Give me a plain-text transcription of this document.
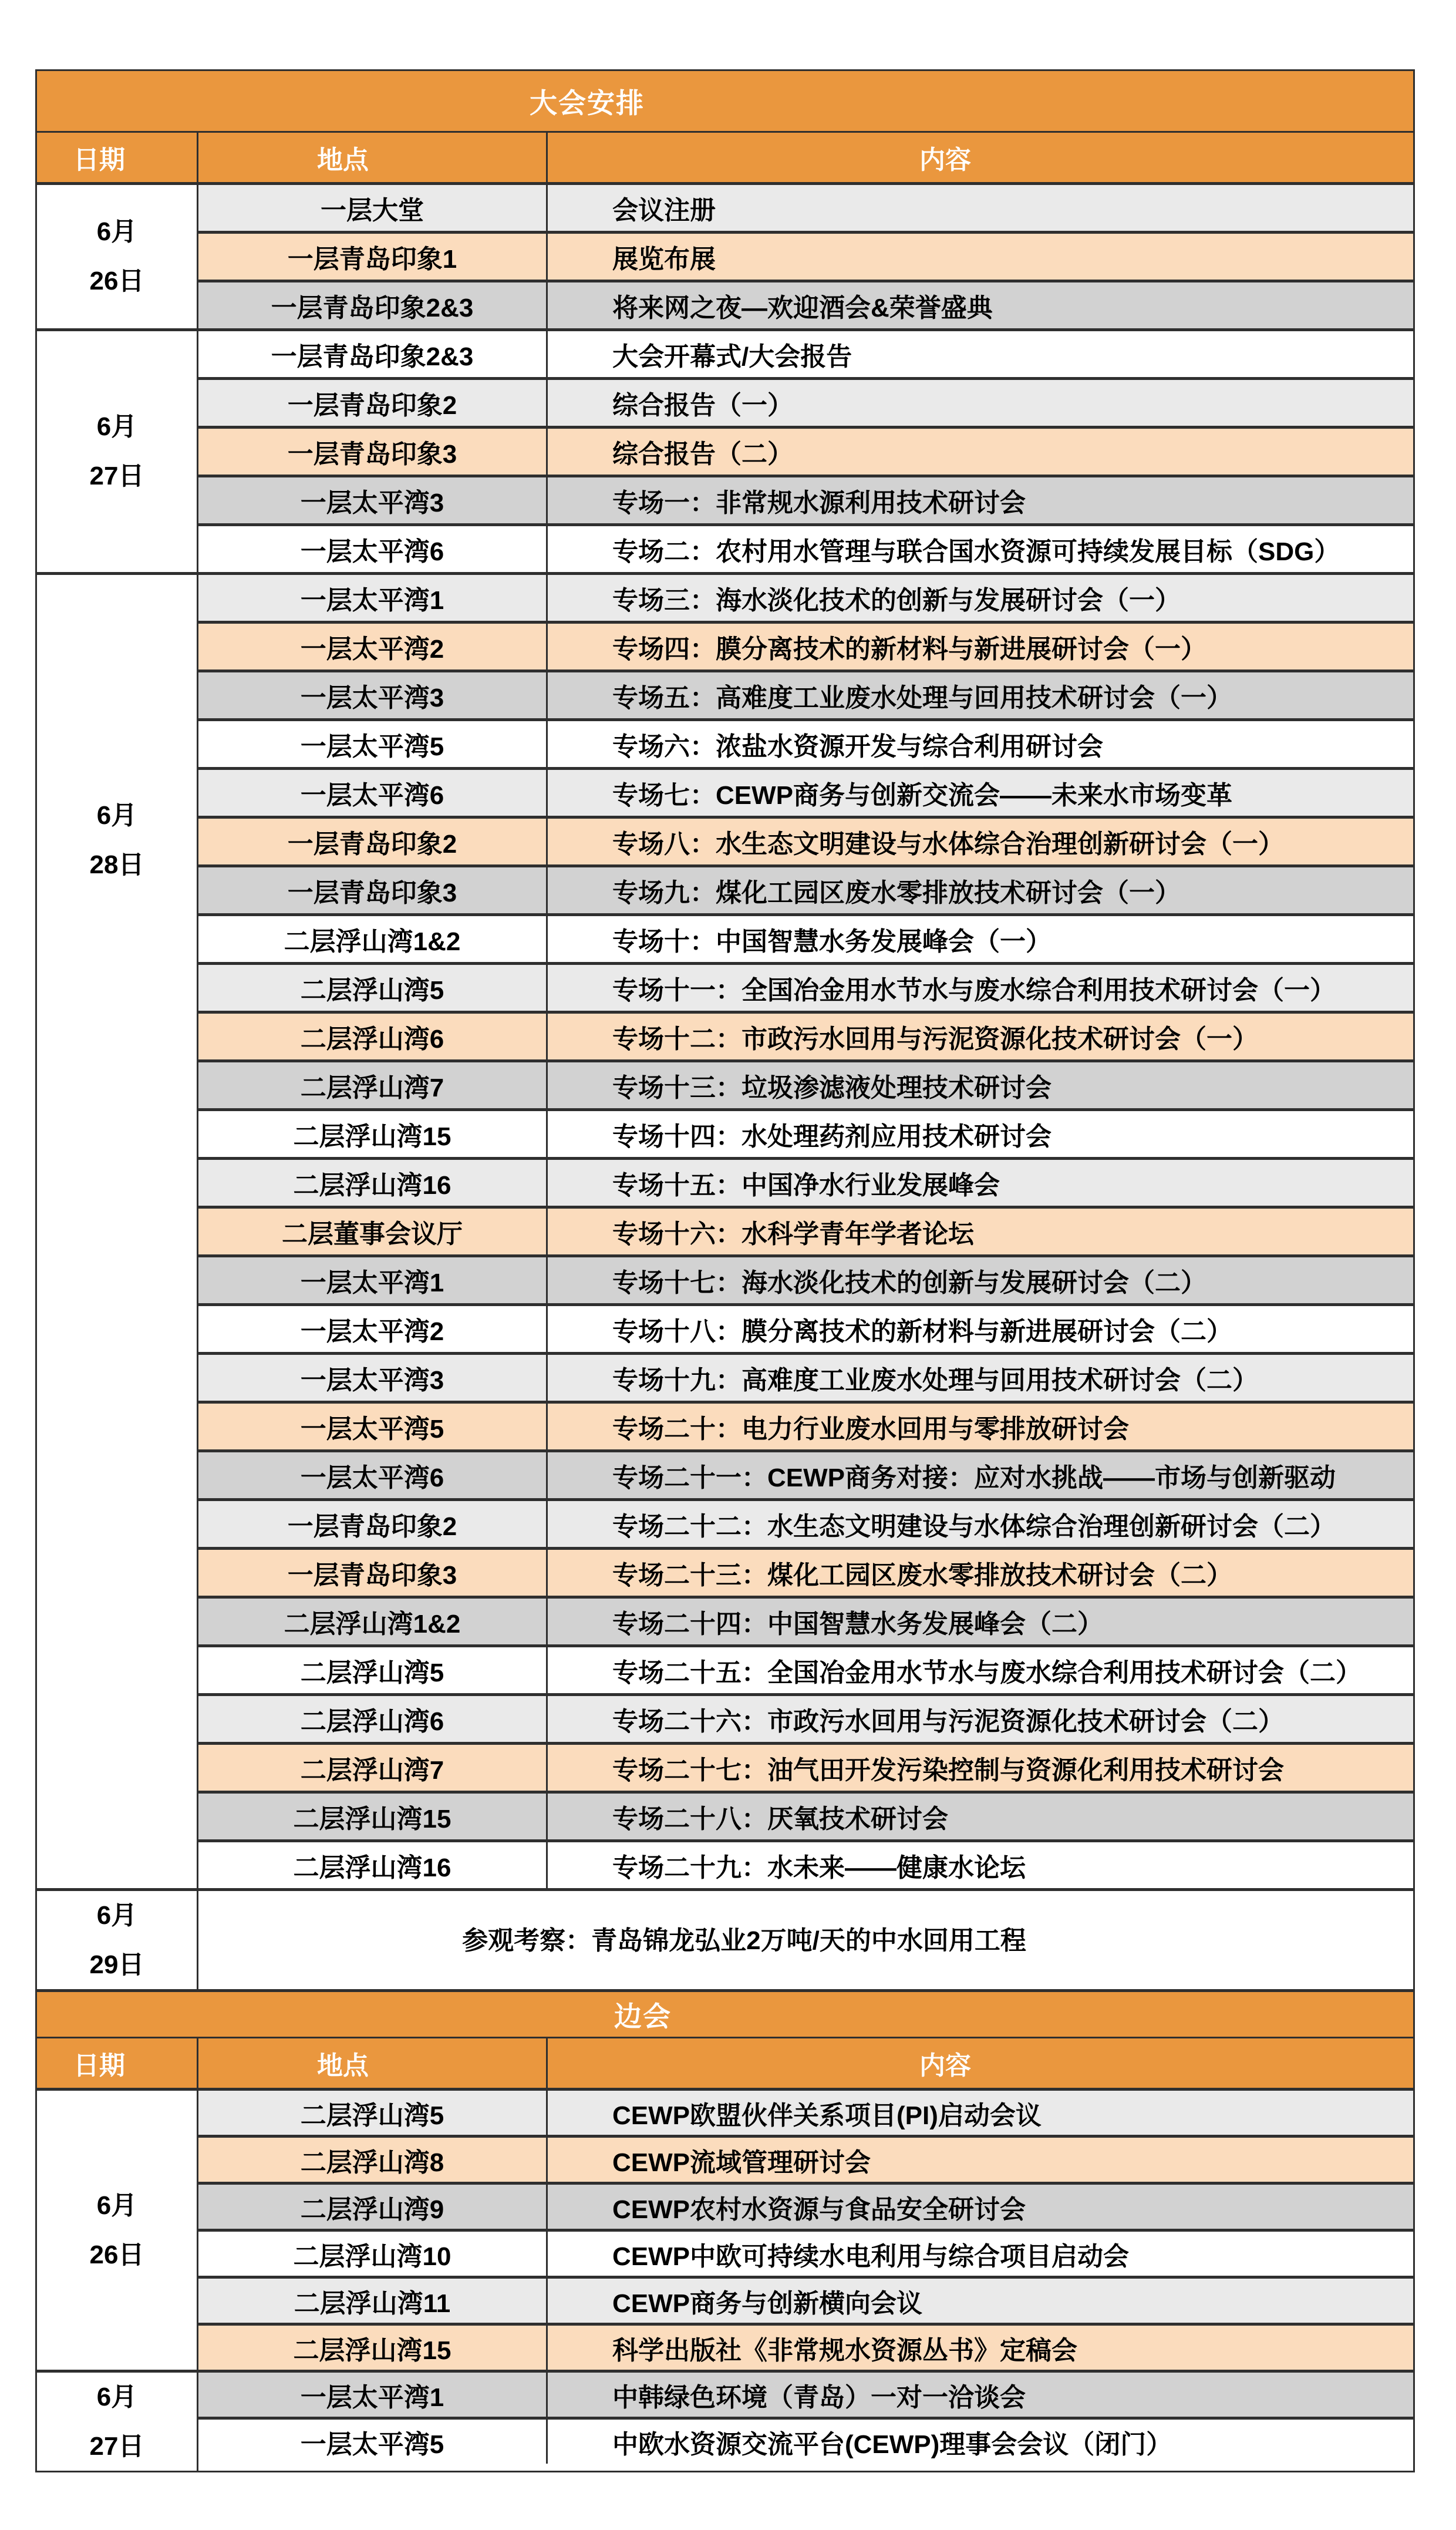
大会安排
日期	地点	内容
6月
26日
一层大堂	会议注册
一层青岛印象1	展览布展
一层青岛印象2&3	将来网之夜—欢迎酒会&荣誉盛典
6月
27日
一层青岛印象2&3	大会开幕式/大会报告
一层青岛印象2	综合报告（一）
一层青岛印象3	综合报告（二）
一层太平湾3	专场一：非常规水源利用技术研讨会
一层太平湾6	专场二：农村用水管理与联合国水资源可持续发展目标（SDG）
6月
28日
一层太平湾1	专场三：海水淡化技术的创新与发展研讨会（一）
一层太平湾2	专场四：膜分离技术的新材料与新进展研讨会（一）
一层太平湾3	专场五：高难度工业废水处理与回用技术研讨会（一）
一层太平湾5	专场六：浓盐水资源开发与综合利用研讨会
一层太平湾6	专场七：CEWP商务与创新交流会——未来水市场变革
一层青岛印象2	专场八：水生态文明建设与水体综合治理创新研讨会（一）
一层青岛印象3	专场九：煤化工园区废水零排放技术研讨会（一）
二层浮山湾1&2	专场十：中国智慧水务发展峰会（一）
二层浮山湾5	专场十一：全国冶金用水节水与废水综合利用技术研讨会（一）
二层浮山湾6	专场十二：市政污水回用与污泥资源化技术研讨会（一）
二层浮山湾7	专场十三：垃圾渗滤液处理技术研讨会
二层浮山湾15	专场十四：水处理药剂应用技术研讨会
二层浮山湾16	专场十五：中国净水行业发展峰会
二层董事会议厅	专场十六：水科学青年学者论坛
一层太平湾1	专场十七：海水淡化技术的创新与发展研讨会（二）
一层太平湾2	专场十八：膜分离技术的新材料与新进展研讨会（二）
一层太平湾3	专场十九：高难度工业废水处理与回用技术研讨会（二）
一层太平湾5	专场二十：电力行业废水回用与零排放研讨会
一层太平湾6	专场二十一：CEWP商务对接：应对水挑战——市场与创新驱动
一层青岛印象2	专场二十二：水生态文明建设与水体综合治理创新研讨会（二）
一层青岛印象3	专场二十三：煤化工园区废水零排放技术研讨会（二）
二层浮山湾1&2	专场二十四：中国智慧水务发展峰会（二）
二层浮山湾5	专场二十五：全国冶金用水节水与废水综合利用技术研讨会（二）
二层浮山湾6	专场二十六：市政污水回用与污泥资源化技术研讨会（二）
二层浮山湾7	专场二十七：油气田开发污染控制与资源化利用技术研讨会
二层浮山湾15	专场二十八：厌氧技术研讨会
二层浮山湾16	专场二十九：水未来——健康水论坛
6月
29日
参观考察：青岛锦龙弘业2万吨/天的中水回用工程
边会
日期	地点	内容
6月
26日
二层浮山湾5	CEWP欧盟伙伴关系项目(PI)启动会议
二层浮山湾8	CEWP流域管理研讨会
二层浮山湾9	CEWP农村水资源与食品安全研讨会
二层浮山湾10	CEWP中欧可持续水电利用与综合项目启动会
二层浮山湾11	CEWP商务与创新横向会议
二层浮山湾15	科学出版社《非常规水资源丛书》定稿会
6月
27日
一层太平湾1	中韩绿色环境（青岛）一对一洽谈会
一层太平湾5	中欧水资源交流平台(CEWP)理事会会议（闭门）
